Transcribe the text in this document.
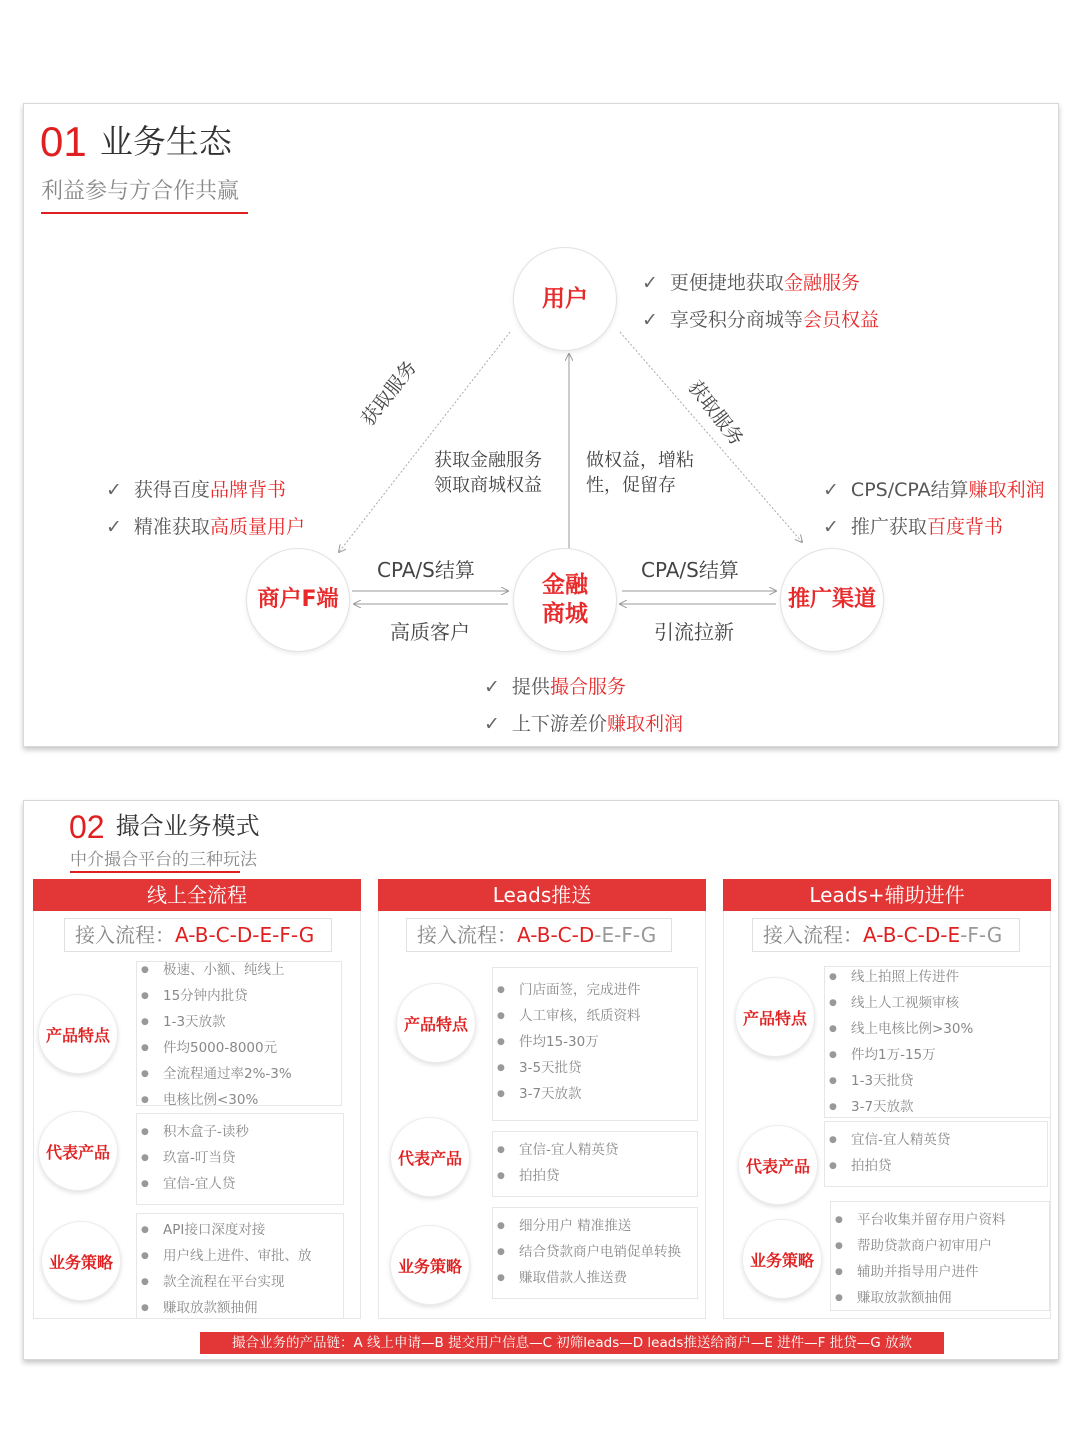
01 业务生态
利益参与方合作共赢
用户
商户F端
金融
商城
推广渠道
✓ 更便捷地获取金融服务
✓ 享受积分商城等会员权益
✓ 获得百度品牌背书
✓ 精准获取高质量用户
✓ CPS/CPA结算赚取利润
✓ 推广获取百度背书
✓ 提供撮合服务
✓ 上下游差价赚取利润
获取服务	获取服务
获取金融服务
领取商城权益
做权益，增粘
性，促留存
CPA/S结算
高质客户
CPA/S结算
引流拉新
02 撮合业务模式
中介撮合平台的三种玩法
线上全流程	Leads推送	Leads+辅助进件
接入流程：A-B-C-D-E-F-G	接入流程：A-B-C-D-E-F-G	接入流程：A-B-C-D-E-F-G
产品特点
● 极速、小额、纯线上
● 15分钟内批贷
● 1-3天放款
● 件均5000-8000元
● 全流程通过率2%-3%
● 电核比例<30%
代表产品
● 积木盒子-读秒
● 玖富-叮当贷
● 宜信-宜人贷
业务策略
● API接口深度对接
● 用户线上进件、审批、放
● 款全流程在平台实现
● 赚取放款额抽佣
产品特点
● 门店面签，完成进件
● 人工审核，纸质资料
● 件均15-30万
● 3-5天批贷
● 3-7天放款
代表产品
●	宜信-宜人精英贷
● 拍拍贷
业务策略
● 细分用户 精准推送
● 结合贷款商户电销促单转换
● 赚取借款人推送费
产品特点
● 线上拍照上传进件
● 线上人工视频审核
● 线上电核比例>30%
● 件均1万-15万
● 1-3天批贷
● 3-7天放款
代表产品
● 宜信-宜人精英贷
● 拍拍贷
业务策略
● 平台收集并留存用户资料
● 帮助贷款商户初审用户
● 辅助并指导用户进件
● 赚取放款额抽佣
撮合业务的产品链：A 线上申请—B 提交用户信息—C 初筛leads—D leads推送给商户—E 进件—F 批贷—G 放款
